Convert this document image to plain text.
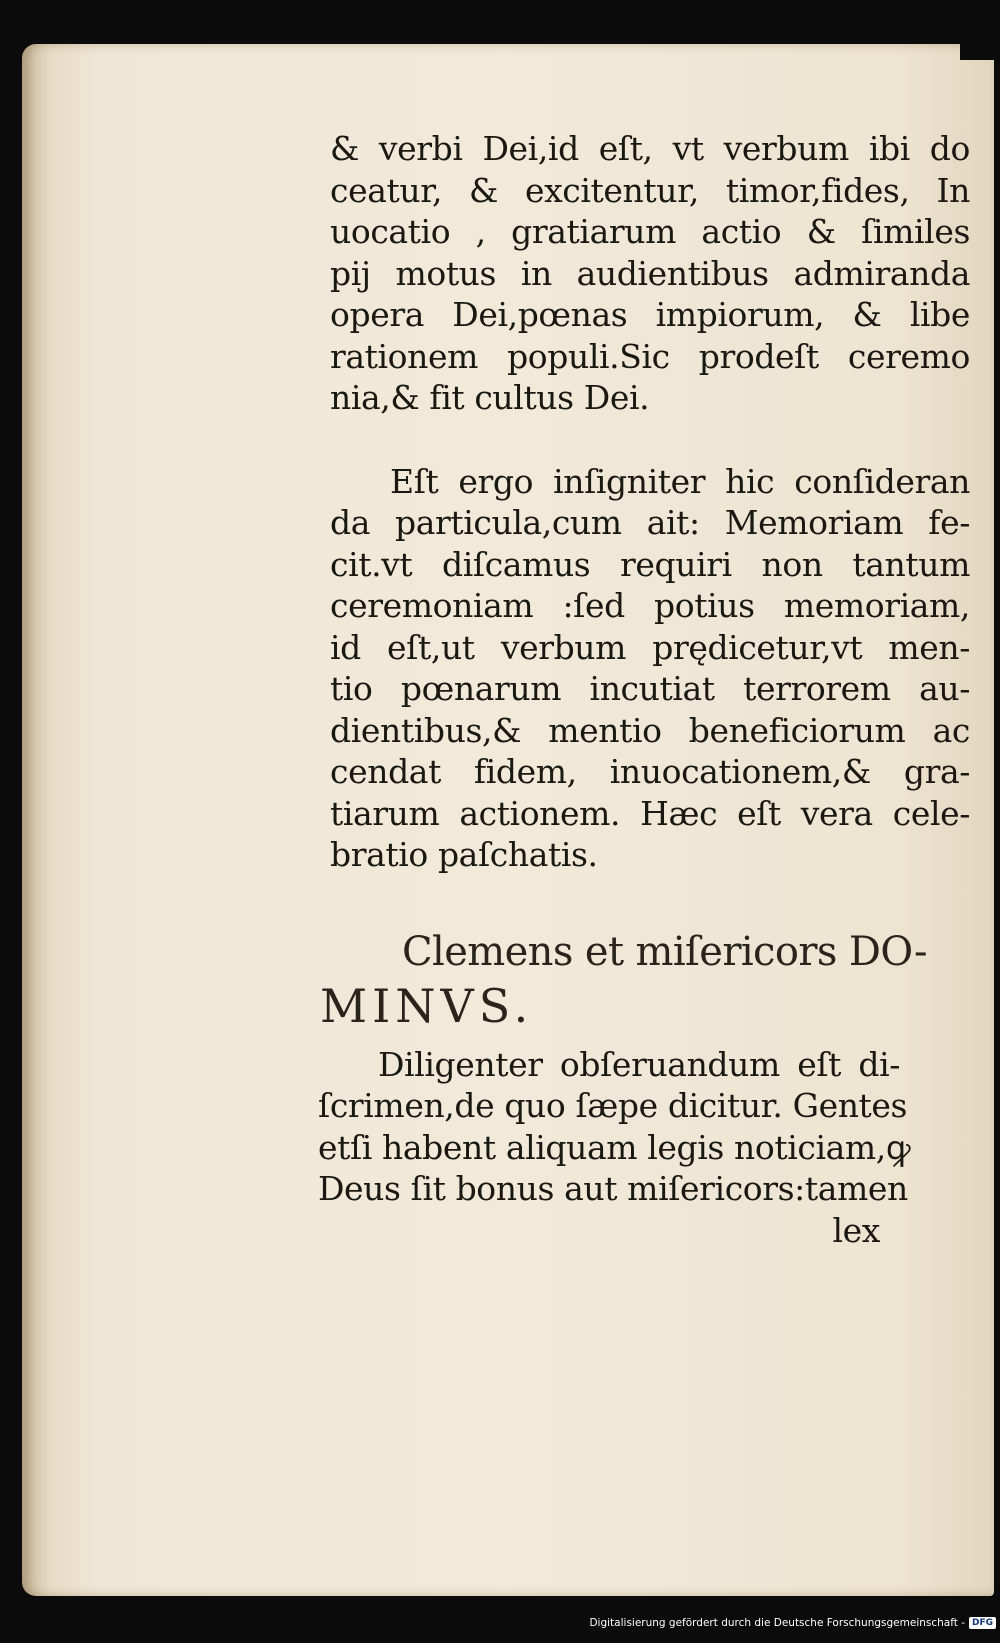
& verbi Dei,id eſt, vt verbum ibi do
ceatur, & excitentur, timor,fides, In
uocatio , gratiarum actio & ſimiles
pij motus in audientibus admiranda
opera Dei,pœnas impiorum, & libe
rationem populi.Sic prodeſt ceremo
nia,& fit cultus Dei.
Eſt ergo inſigniter hic conſideran
da particula,cum ait: Memoriam fe-
cit.vt diſcamus requiri non tantum
ceremoniam :ſed potius memoriam,
id eſt,ut verbum prędicetur,vt men-
tio pœnarum incutiat terrorem au-
dientibus,& mentio beneficiorum ac
cendat fidem, inuocationem,& gra-
tiarum actionem. Hæc eſt vera cele-
bratio paſchatis.
Clemens et miſericors DO-
MINVS.
Diligenter obſeruandum eſt di-
ſcrimen,de quo ſæpe dicitur. Gentes
etſi habent aliquam legis noticiam,ꝙ
Deus ſit bonus aut miſericors:tamen
lex
Digitalisierung gefördert durch die Deutsche Forschungsgemeinschaft - DFG
